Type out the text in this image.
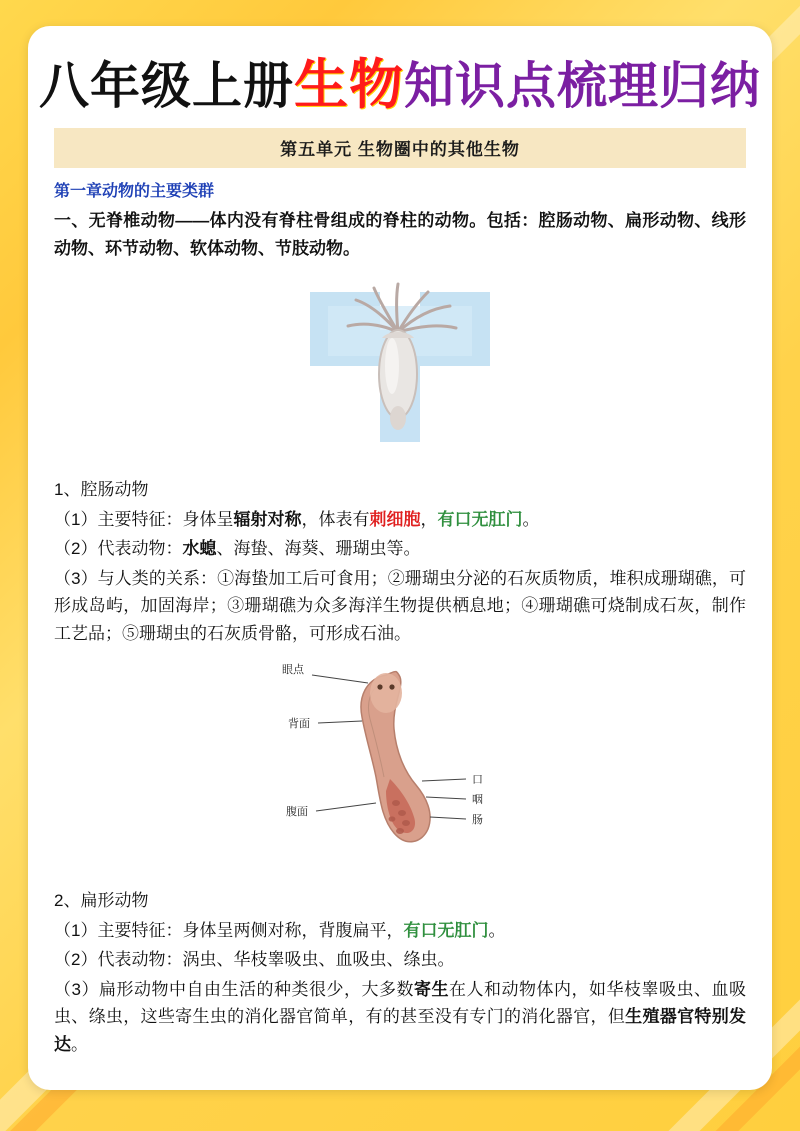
八年级上册 生物 知识点梳理归纳
第五单元 生物圈中的其他生物
第一章动物的主要类群

一、无脊椎动物——体内没有脊柱骨组成的脊柱的动物。包括：腔肠动物、扁形动物、线形动物、环节动物、软体动物、节肢动物。

1、腔肠动物

（1）主要特征：身体呈辐射对称，体表有刺细胞，有口无肛门。

（2）代表动物：水螅、海蛰、海葵、珊瑚虫等。

（3）与人类的关系：①海蛰加工后可食用；②珊瑚虫分泌的石灰质物质，堆积成珊瑚礁，可形成岛屿，加固海岸；③珊瑚礁为众多海洋生物提供栖息地；④珊瑚礁可烧制成石灰，制作工艺品；⑤珊瑚虫的石灰质骨骼，可形成石油。

眼点
背面
腹面
口
咽
肠

2、扁形动物

（1）主要特征：身体呈两侧对称，背腹扁平，有口无肛门。

（2）代表动物：涡虫、华枝睾吸虫、血吸虫、绦虫。

（3）扁形动物中自由生活的种类很少，大多数寄生在人和动物体内，如华枝睾吸虫、血吸虫、绦虫，这些寄生虫的消化器官简单，有的甚至没有专门的消化器官，但生殖器官特别发达。
